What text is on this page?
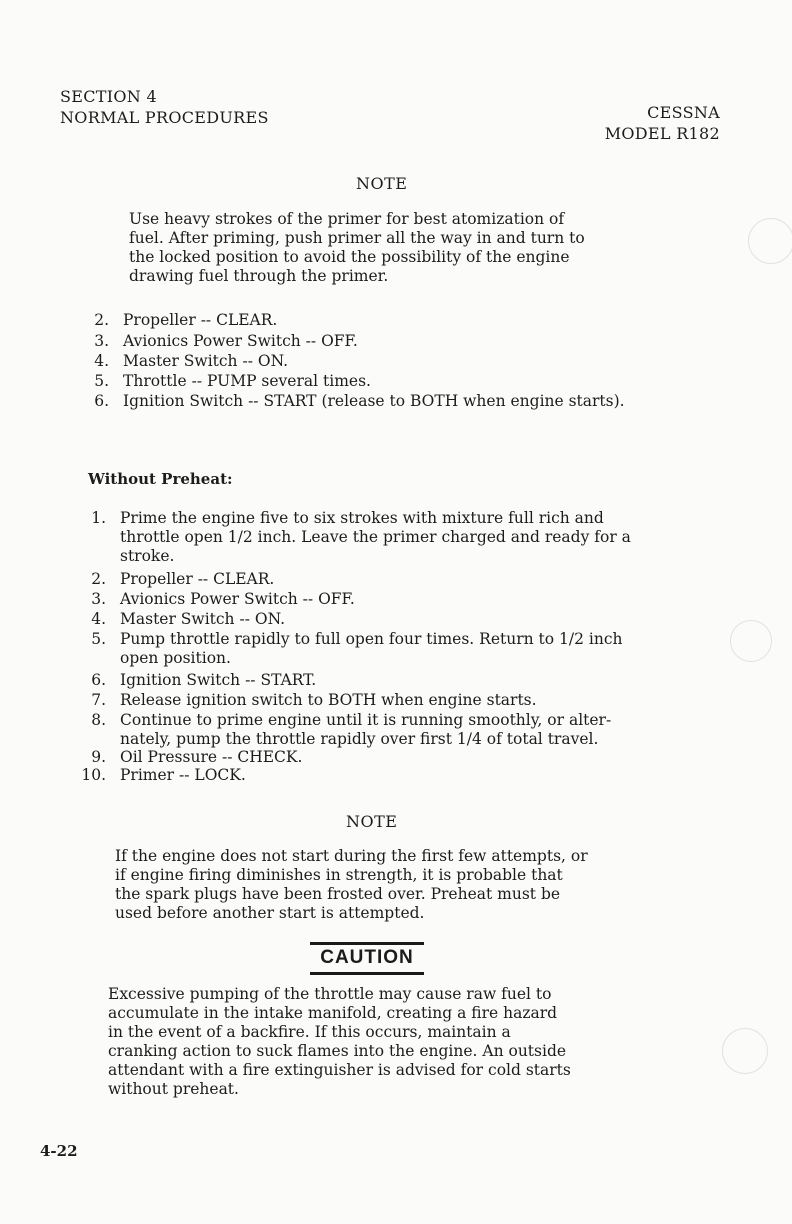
SECTION 4
NORMAL PROCEDURES	CESSNA
MODEL R182
NOTE
Use heavy strokes of the primer for best atomization of
fuel. After priming, push primer all the way in and turn to
the locked position to avoid the possibility of the engine
drawing fuel through the primer.
2. Propeller -- CLEAR.
3. Avionics Power Switch -- OFF.
4. Master Switch -- ON.
5. Throttle -- PUMP several times.
6. Ignition Switch -- START (release to BOTH when engine starts).
Without Preheat:
1. Prime the engine five to six strokes with mixture full rich and
throttle open 1/2 inch. Leave the primer charged and ready for a
stroke.
2. Propeller -- CLEAR.
3. Avionics Power Switch -- OFF.
4. Master Switch -- ON.
5. Pump throttle rapidly to full open four times. Return to 1/2 inch
open position.
6. Ignition Switch -- START.
7. Release ignition switch to BOTH when engine starts.
8. Continue to prime engine until it is running smoothly, or alter-
nately, pump the throttle rapidly over first 1/4 of total travel.
9. Oil Pressure -- CHECK.
10. Primer -- LOCK.
NOTE
If the engine does not start during the first few attempts, or
if engine firing diminishes in strength, it is probable that
the spark plugs have been frosted over. Preheat must be
used before another start is attempted.
CAUTION
Excessive pumping of the throttle may cause raw fuel to
accumulate in the intake manifold, creating a fire hazard
in the event of a backfire. If this occurs, maintain a
cranking action to suck flames into the engine. An outside
attendant with a fire extinguisher is advised for cold starts
without preheat.
4-22
